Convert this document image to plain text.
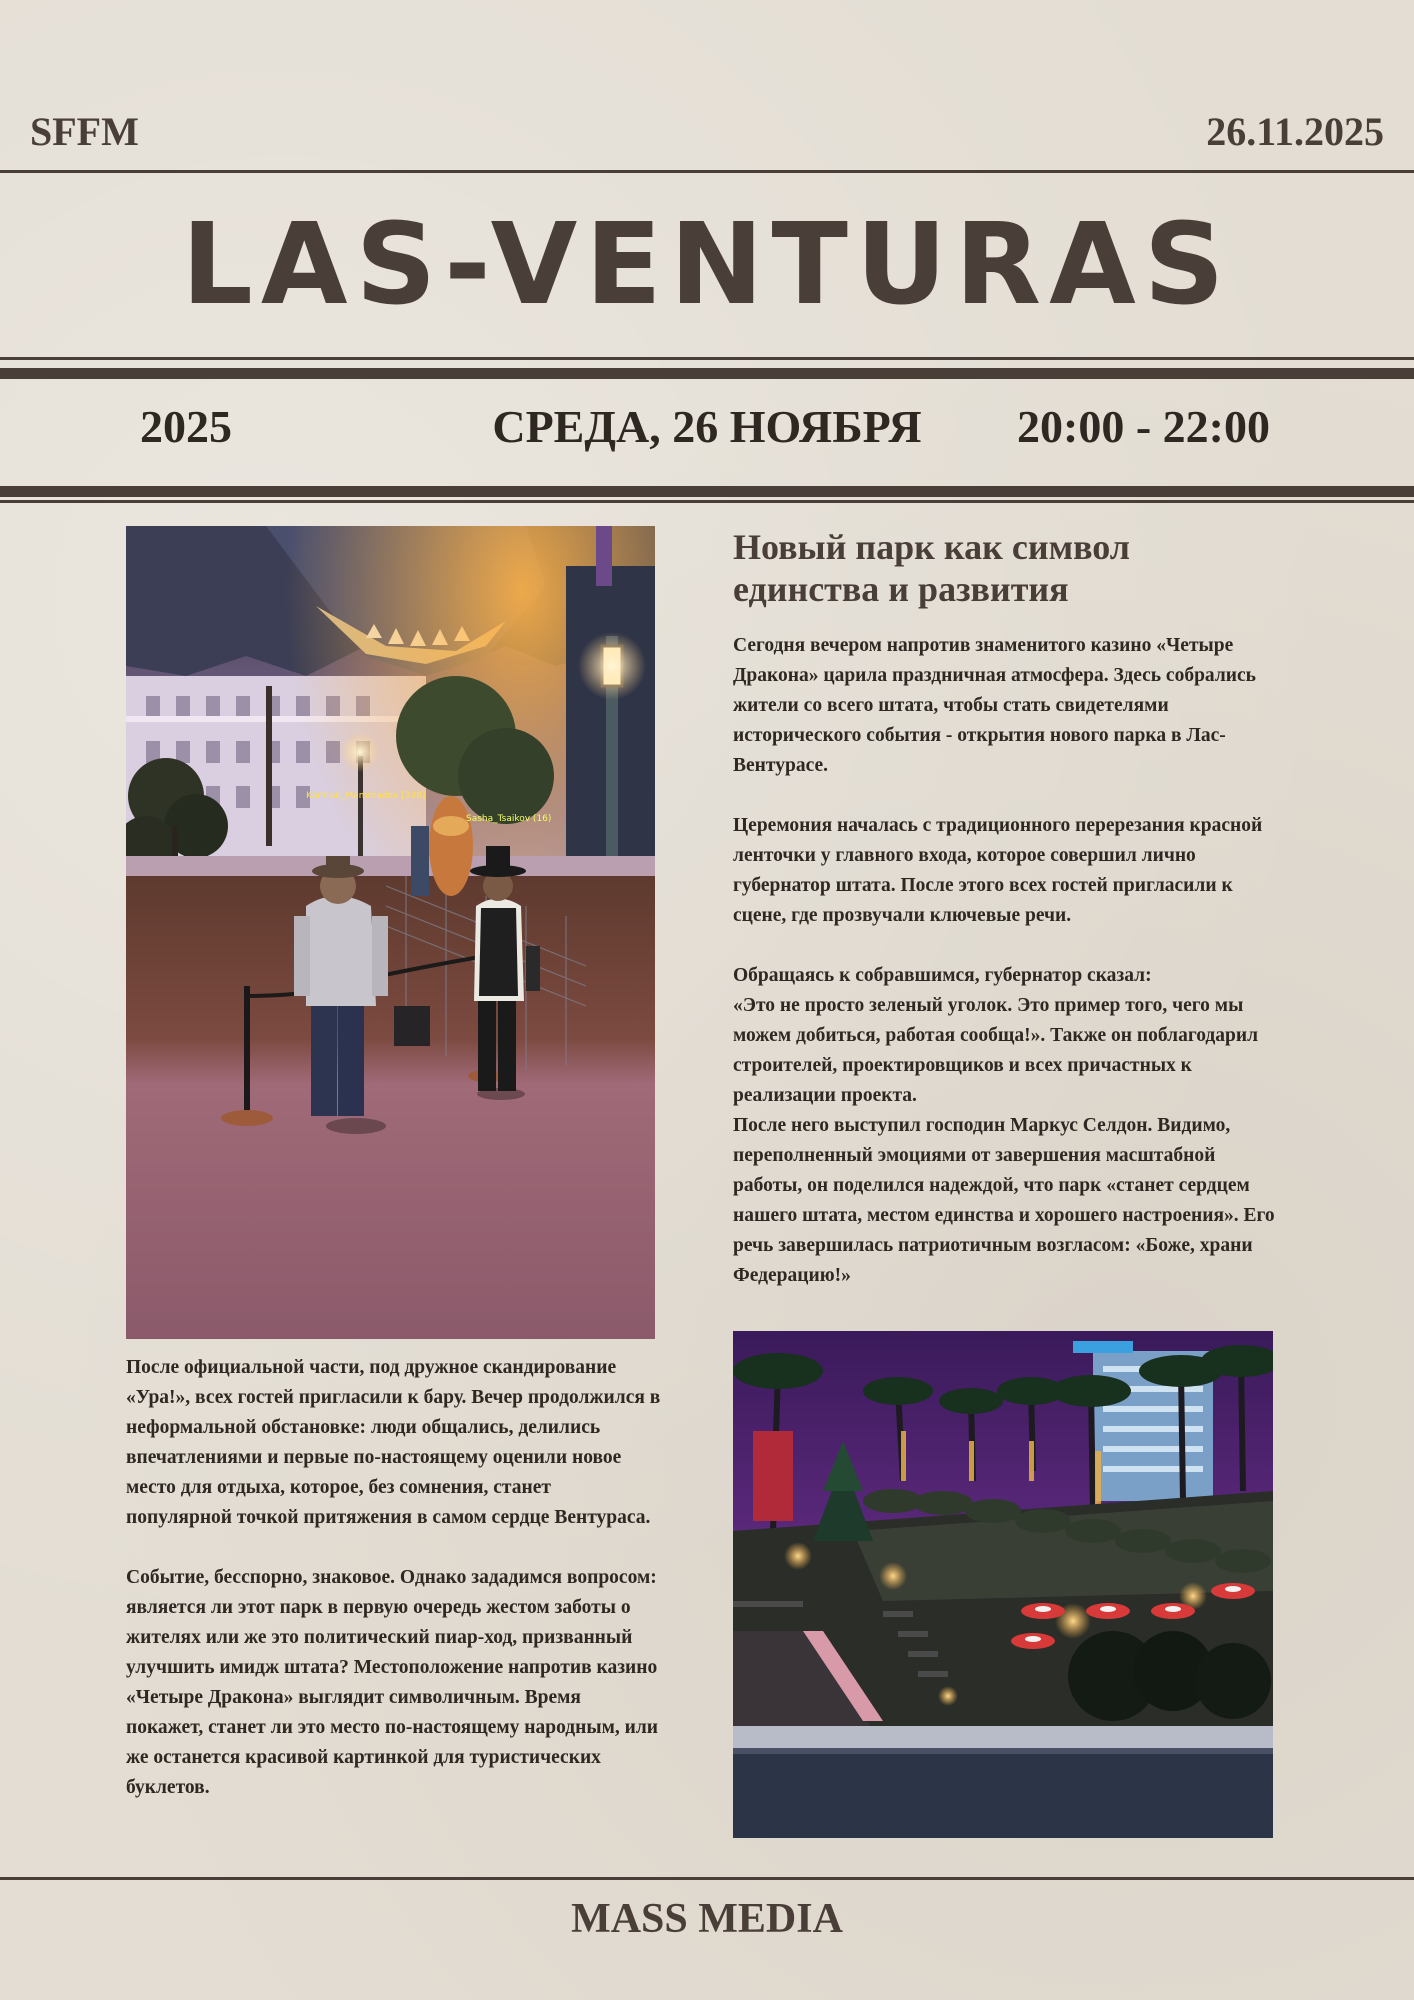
SFFM	26.11.2025
LAS-VENTURAS
2025	СРЕДА, 26 НОЯБРЯ	20:00 - 22:00
Kamran_Mammadov [338]
Sasha_Tsaikov (16)
Новый парк как символ единства и развития

Сегодня вечером напротив знаменитого казино «Четыре Дракона» царила праздничная атмосфера. Здесь собрались жители со всего штата, чтобы стать свидетелями исторического события - открытия нового парка в Лас-Вентурасе.

Церемония началась с традиционного перерезания красной ленточки у главного входа, которое совершил лично губернатор штата. После этого всех гостей пригласили к сцене, где прозвучали ключевые речи.

Обращаясь к собравшимся, губернатор сказал:

«Это не просто зеленый уголок. Это пример того, чего мы можем добиться, работая сообща!». Также он поблагодарил строителей, проектировщиков и всех причастных к реализации проекта.

После него выступил господин Маркус Селдон. Видимо, переполненный эмоциями от завершения масштабной работы, он поделился надеждой, что парк «станет сердцем нашего штата, местом единства и хорошего настроения». Его речь завершилась патриотичным возгласом: «Боже, храни Федерацию!»

После официальной части, под дружное скандирование «Ура!», всех гостей пригласили к бару. Вечер продолжился в неформальной обстановке: люди общались, делились впечатлениями и первые по-настоящему оценили новое место для отдыха, которое, без сомнения, станет популярной точкой притяжения в самом сердце Вентураса.

Событие, бесспорно, знаковое. Однако зададимся вопросом: является ли этот парк в первую очередь жестом заботы о жителях или же это политический пиар-ход, призванный улучшить имидж штата? Местоположение напротив казино «Четыре Дракона» выглядит символичным. Время покажет, станет ли это место по-настоящему народным, или же останется красивой картинкой для туристических буклетов.

MASS MEDIA
